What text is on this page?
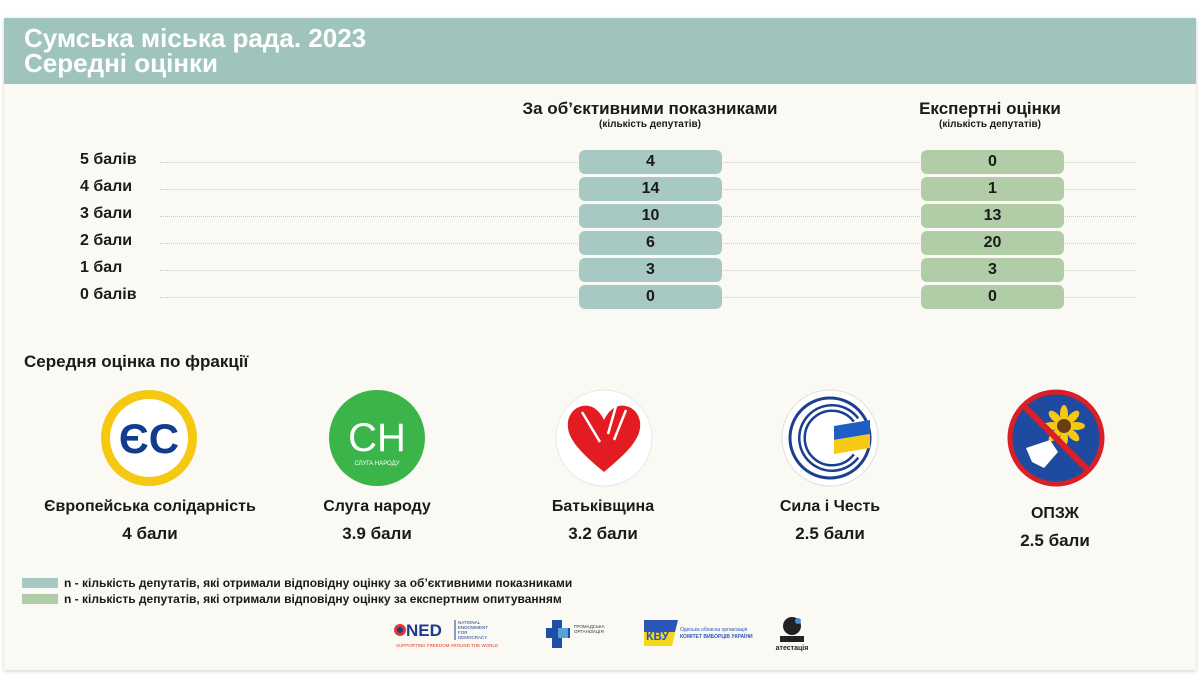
Сумська міська рада. 2023
Середні оцінки
За об’єктивними показниками
(кількість депутатів)
Експертні оцінки
(кількість депутатів)
5 балів	4	0
4 бали	14	1
3 бали	10	13
2 бали	6	20
1 бал	3	3
0 балів	0	0
Середня оцінка по фракції
ЄС
Європейська солідарність
4 бали
СН
СЛУГА НАРОДУ
Слуга народу
3.9 бали
Батьківщина
3.2 бали
Сила і Честь
2.5 бали
ОПЗЖ
2.5 бали
n - кількість депутатів, які отримали відповідну оцінку за об’єктивними показниками
n - кількість депутатів, які отримали відповідну оцінку за експертним опитуванням
NED	NATIONAL
ENDOWMENT
FOR
DEMOCRACY
SUPPORTING FREEDOM AROUND THE WORLD
ГРОМАДСЬКА
ОРГАНІЗАЦІЯ	КВУ Одеська обласна організація
КОМІТЕТ ВИБОРЦІВ УКРАЇНИ
атестація
